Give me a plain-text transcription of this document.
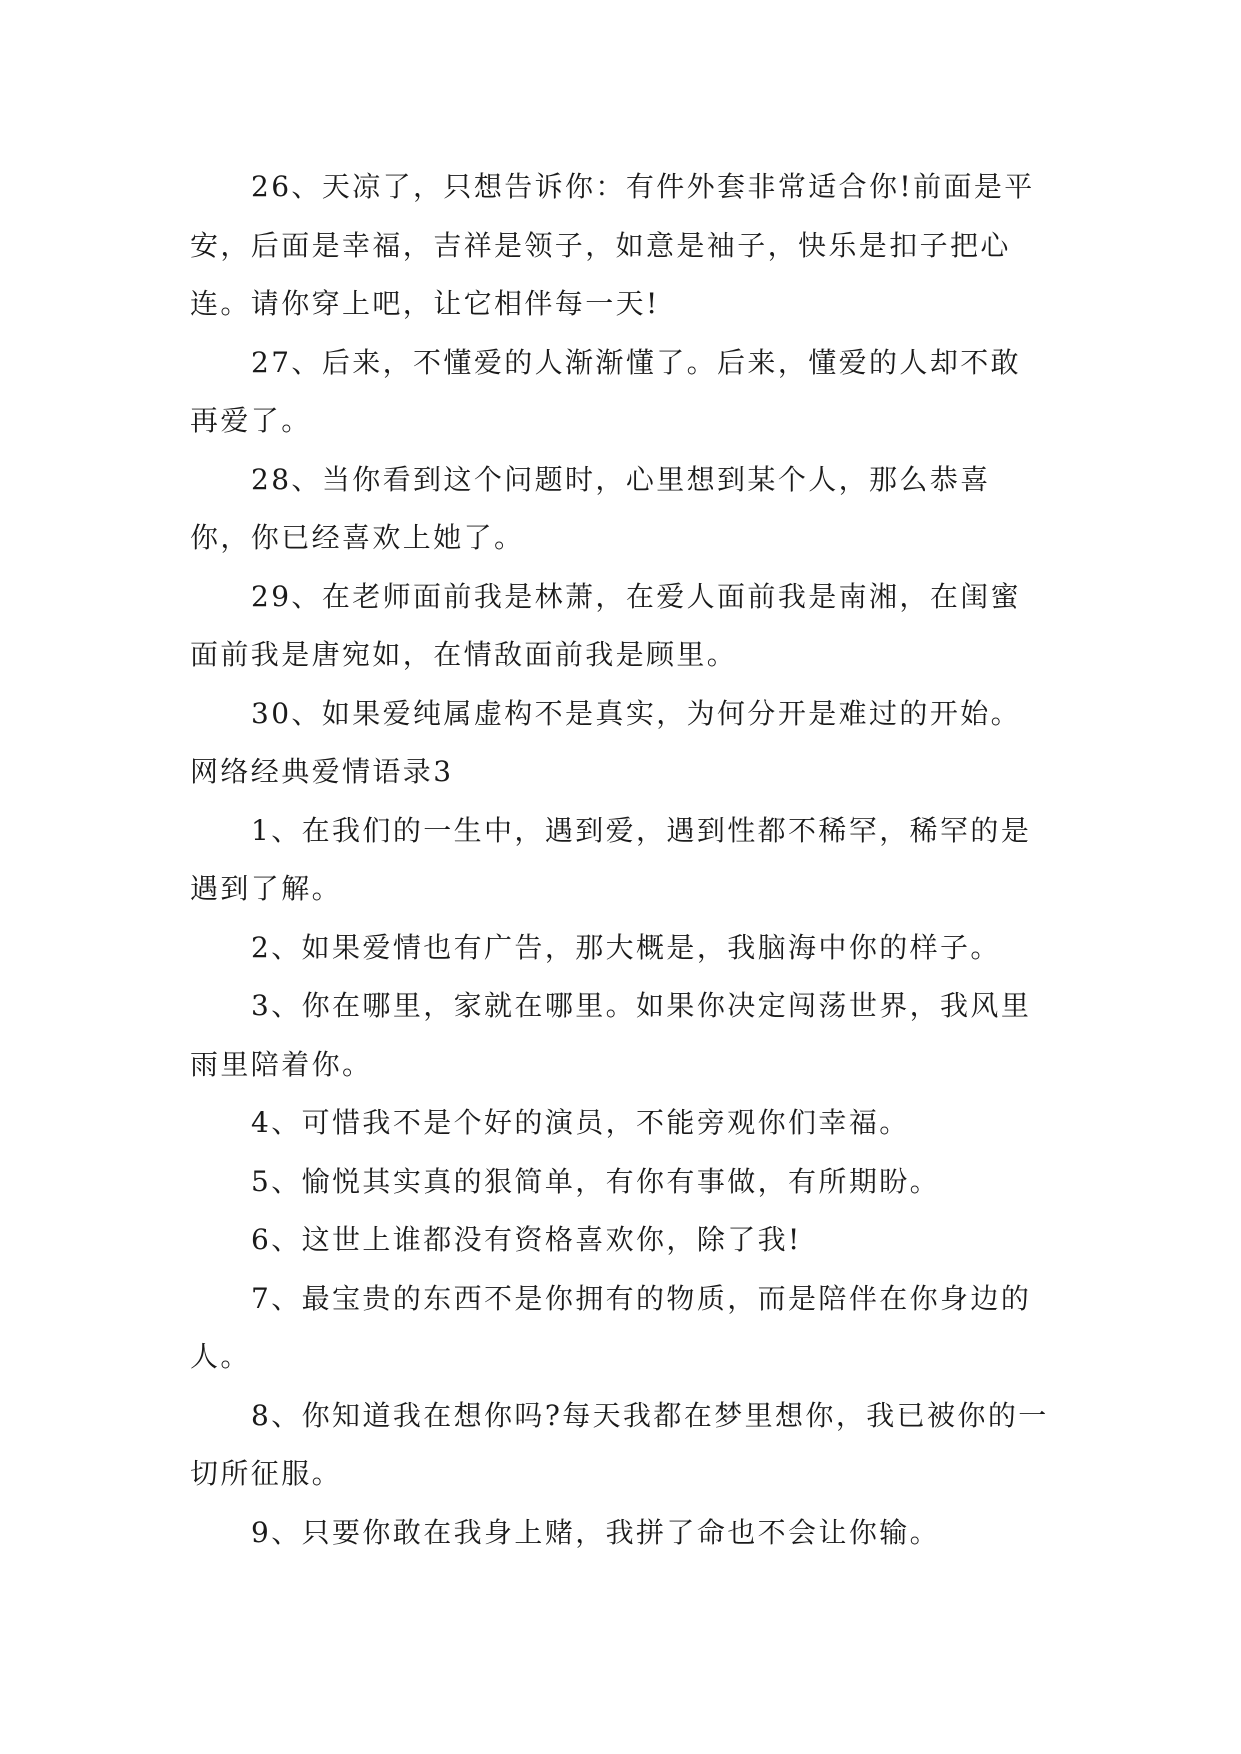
26、天凉了，只想告诉你：有件外套非常适合你!前面是平安，后面是幸福，吉祥是领子，如意是袖子，快乐是扣子把心连。请你穿上吧，让它相伴每一天!

27、后来，不懂爱的人渐渐懂了。后来，懂爱的人却不敢再爱了。

28、当你看到这个问题时，心里想到某个人，那么恭喜你，你已经喜欢上她了。

29、在老师面前我是林萧，在爱人面前我是南湘，在闺蜜面前我是唐宛如，在情敌面前我是顾里。

30、如果爱纯属虚构不是真实，为何分开是难过的开始。

网络经典爱情语录3

1、在我们的一生中，遇到爱，遇到性都不稀罕，稀罕的是遇到了解。

2、如果爱情也有广告，那大概是，我脑海中你的样子。

3、你在哪里，家就在哪里。如果你决定闯荡世界，我风里雨里陪着你。

4、可惜我不是个好的演员，不能旁观你们幸福。

5、愉悦其实真的狠简单，有你有事做，有所期盼。

6、这世上谁都没有资格喜欢你，除了我!

7、最宝贵的东西不是你拥有的物质，而是陪伴在你身边的人。

8、你知道我在想你吗?每天我都在梦里想你，我已被你的一切所征服。

9、只要你敢在我身上赌，我拼了命也不会让你输。
